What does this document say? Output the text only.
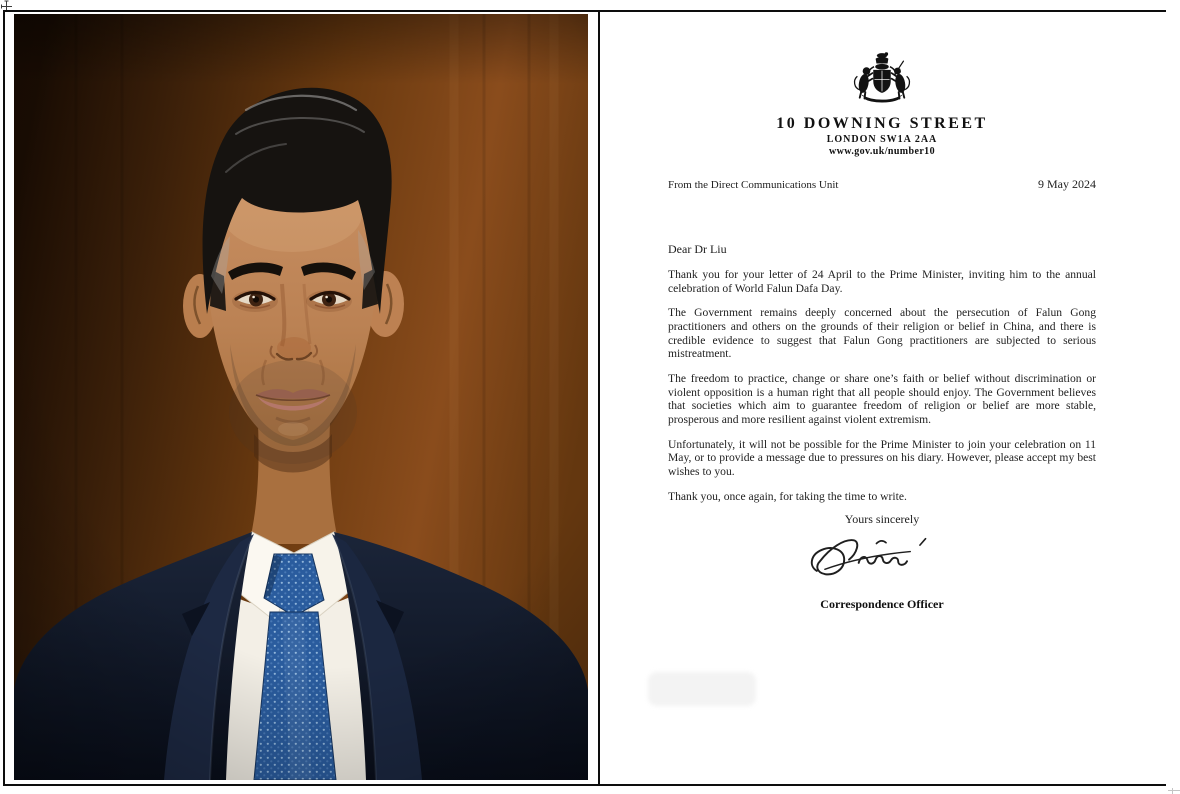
10 DOWNING STREET
LONDON SW1A 2AA
www.gov.uk/number10
From the Direct Communications Unit	9 May 2024
Dear Dr Liu

Thank you for your letter of 24 April to the Prime Minister, inviting him to the annual celebration of World Falun Dafa Day.

The Government remains deeply concerned about the persecution of Falun Gong practitioners and others on the grounds of their religion or belief in China, and there is credible evidence to suggest that Falun Gong practitioners are subjected to serious mistreatment.

The freedom to practice, change or share one’s faith or belief without discrimination or violent opposition is a human right that all people should enjoy. The Government believes that societies which aim to guarantee freedom of religion or belief are more stable, prosperous and more resilient against violent extremism.

Unfortunately, it will not be possible for the Prime Minister to join your celebration on 11 May, or to provide a message due to pressures on his diary. However, please accept my best wishes to you.

Thank you, once again, for taking the time to write.

Yours sincerely
Correspondence Officer
